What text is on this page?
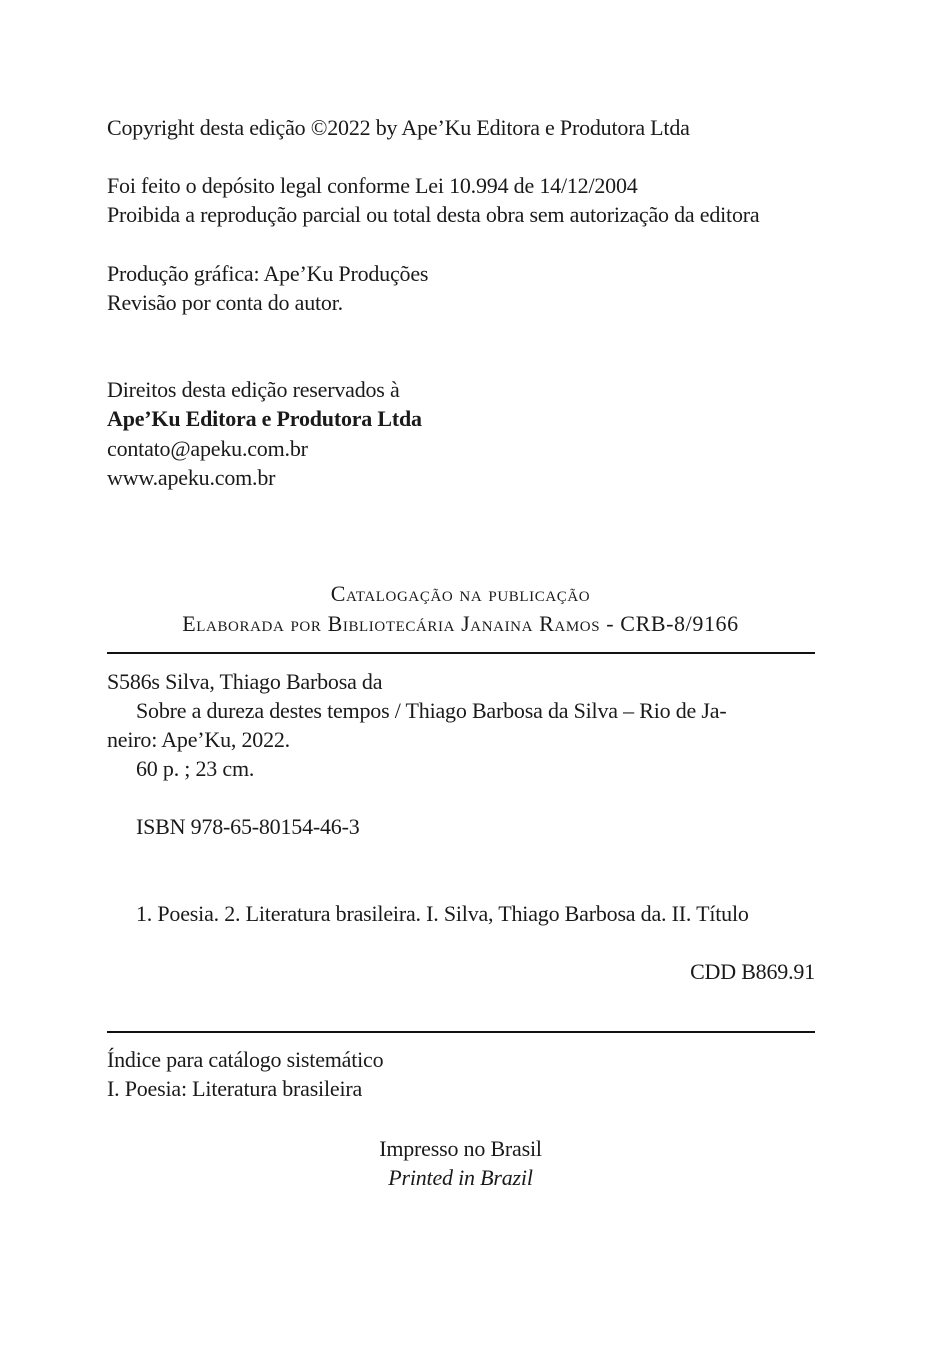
Copyright desta edição ©2022 by Ape’Ku Editora e Produtora Ltda
Foi feito o depósito legal conforme Lei 10.994 de 14/12/2004
Proibida a reprodução parcial ou total desta obra sem autorização da editora
Produção gráfica: Ape’Ku Produções
Revisão por conta do autor.
Direitos desta edição reservados à
Ape’Ku Editora e Produtora Ltda
contato@apeku.com.br
www.apeku.com.br
Catalogação na publicação
Elaborada por Bibliotecária Janaina Ramos - CRB-8/9166
S586s Silva, Thiago Barbosa da
Sobre a dureza destes tempos / Thiago Barbosa da Silva – Rio de Ja-
neiro: Ape’Ku, 2022.
60 p. ; 23 cm.
ISBN 978-65-80154-46-3
1. Poesia. 2. Literatura brasileira. I. Silva, Thiago Barbosa da. II. Título
CDD B869.91
Índice para catálogo sistemático
I. Poesia: Literatura brasileira
Impresso no Brasil
Printed in Brazil
